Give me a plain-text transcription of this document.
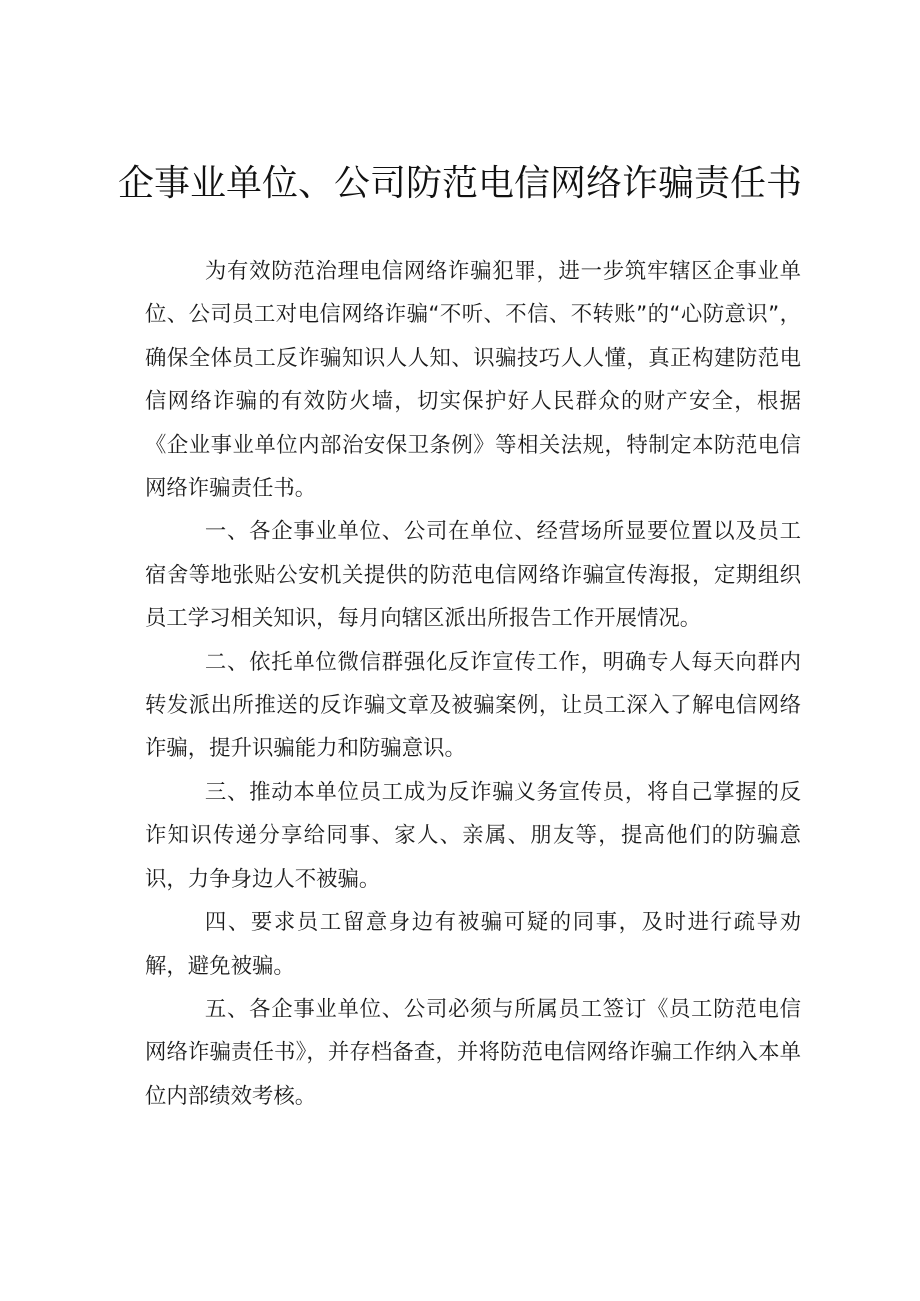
企事业单位、公司防范电信网络诈骗责任书

为有效防范治理电信网络诈骗犯罪，进一步筑牢辖区企事业单位、公司员工对电信网络诈骗“不听、不信、不转账”的“心防意识”，确保全体员工反诈骗知识人人知、识骗技巧人人懂，真正构建防范电信网络诈骗的有效防火墙，切实保护好人民群众的财产安全，根据《企业事业单位内部治安保卫条例》等相关法规，特制定本防范电信网络诈骗责任书。

一、各企事业单位、公司在单位、经营场所显要位置以及员工宿舍等地张贴公安机关提供的防范电信网络诈骗宣传海报，定期组织员工学习相关知识，每月向辖区派出所报告工作开展情况。

二、依托单位微信群强化反诈宣传工作，明确专人每天向群内转发派出所推送的反诈骗文章及被骗案例，让员工深入了解电信网络诈骗，提升识骗能力和防骗意识。

三、推动本单位员工成为反诈骗义务宣传员，将自己掌握的反诈知识传递分享给同事、家人、亲属、朋友等，提高他们的防骗意识，力争身边人不被骗。

四、要求员工留意身边有被骗可疑的同事，及时进行疏导劝解，避免被骗。

五、各企事业单位、公司必须与所属员工签订《员工防范电信网络诈骗责任书》，并存档备查，并将防范电信网络诈骗工作纳入本单位内部绩效考核。
